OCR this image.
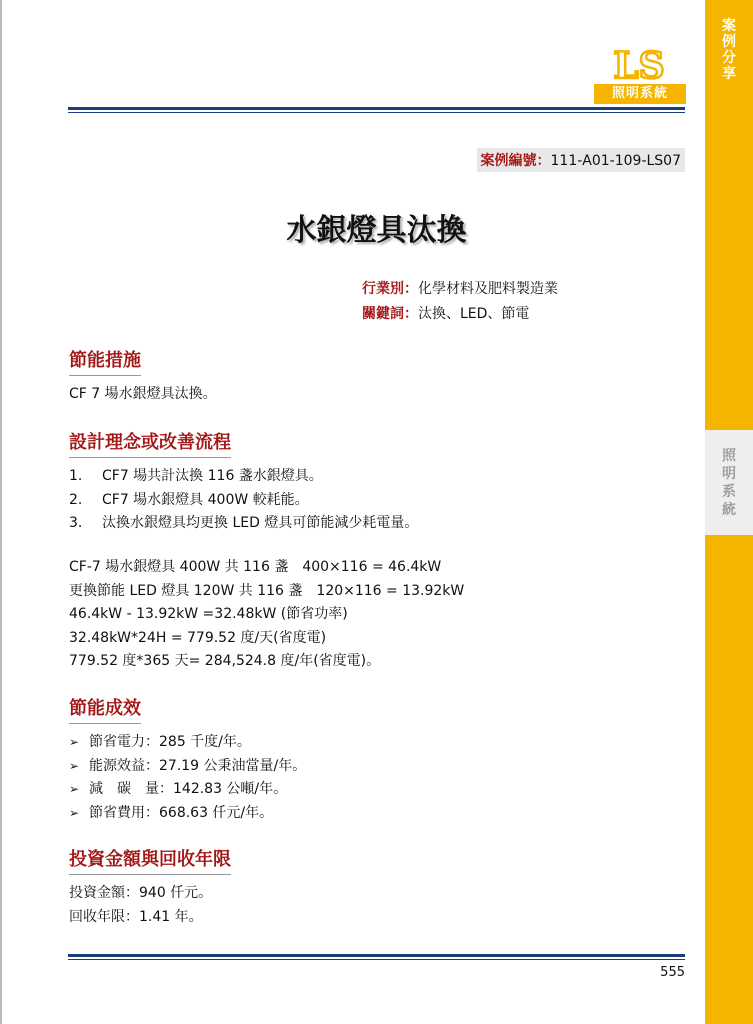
案
例
分
享
照
明
系
統
LS
照明系統
案例編號：111-A01-109-LS07
水銀燈具汰換
行業別：化學材料及肥料製造業
關鍵詞：汰換、LED、節電
節能措施
CF 7 場水銀燈具汰換。
設計理念或改善流程
1.	CF7 場共計汰換 116 盞水銀燈具。
2.	CF7 場水銀燈具 400W 較耗能。
3.	汰換水銀燈具均更換 LED 燈具可節能減少耗電量。
CF-7 場水銀燈具 400W 共 116 盞　400×116 = 46.4kW
更換節能 LED 燈具 120W 共 116 盞　120×116 = 13.92kW
46.4kW - 13.92kW =32.48kW (節省功率)
32.48kW*24H = 779.52 度/天(省度電)
779.52 度*365 天= 284,524.8 度/年(省度電)。
節能成效
➢ 節省電力：285 千度/年。
➢ 能源效益：27.19 公秉油當量/年。
➢ 減　碳　量：142.83 公噸/年。
➢ 節省費用：668.63 仟元/年。
投資金額與回收年限
投資金額：940 仟元。
回收年限：1.41 年。
555
